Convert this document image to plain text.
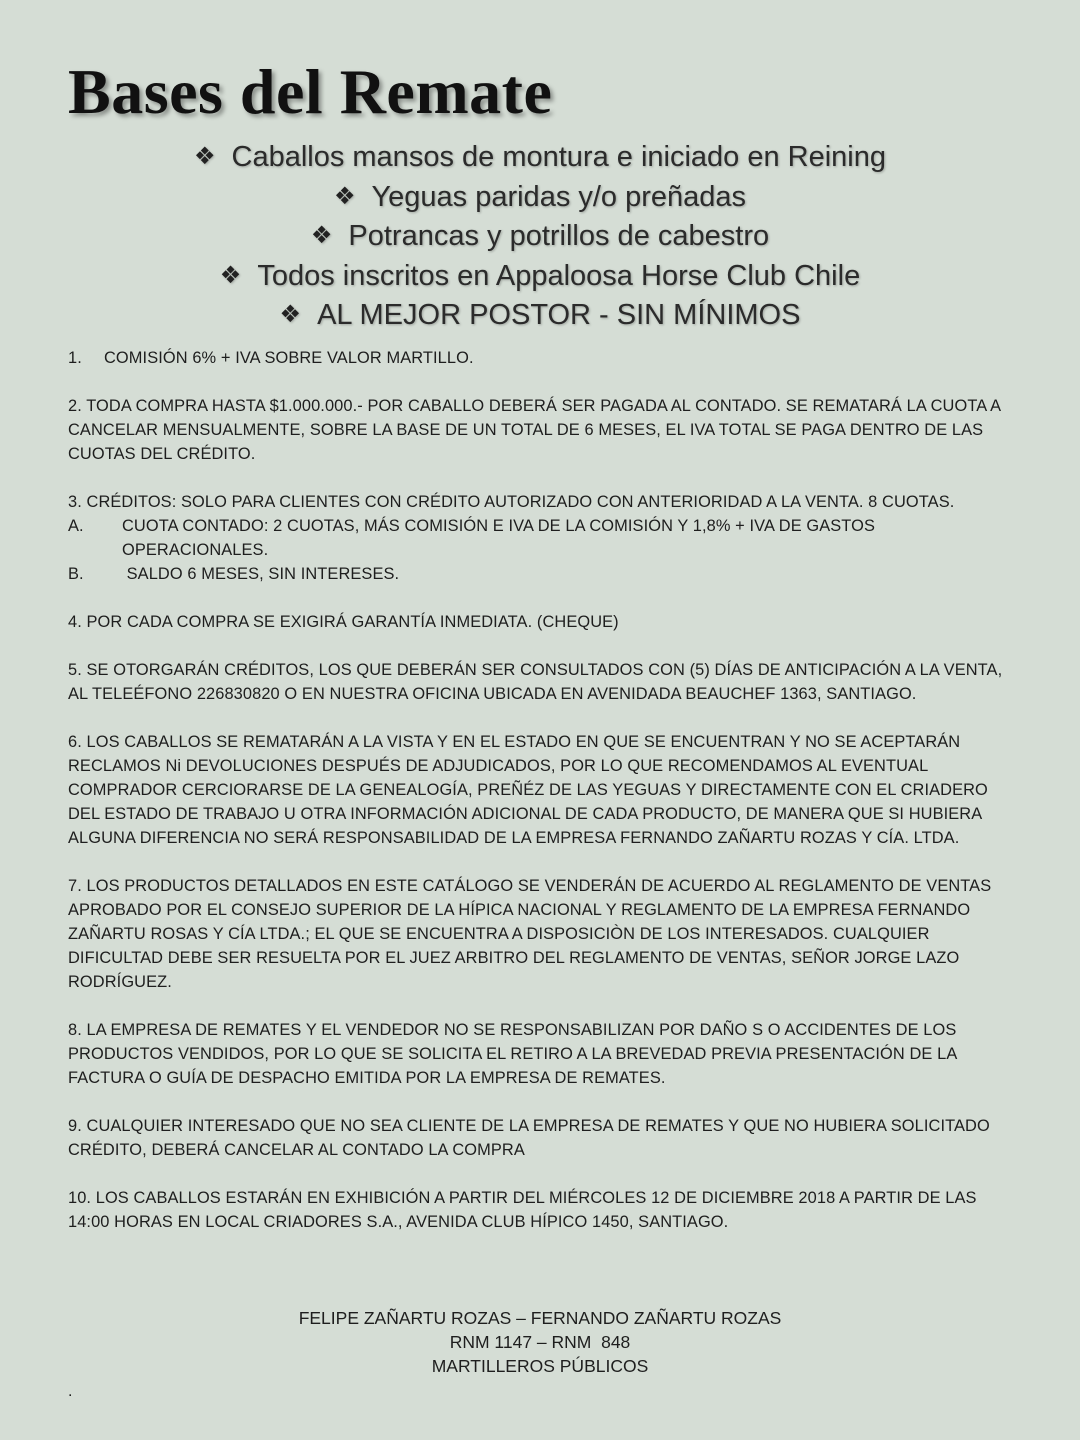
Bases del Remate
❖ Caballos mansos de montura e iniciado en Reining
❖ Yeguas paridas y/o preñadas
❖ Potrancas y potrillos de cabestro
❖ Todos inscritos en Appaloosa Horse Club Chile
❖ AL MEJOR POSTOR - SIN MÍNIMOS

1. COMISIÓN 6% + IVA SOBRE VALOR MARTILLO.

2. TODA COMPRA HASTA $1.000.000.- POR CABALLO DEBERÁ SER PAGADA AL CONTADO. SE REMATARÁ LA CUOTA A CANCELAR MENSUALMENTE, SOBRE LA BASE DE UN TOTAL DE 6 MESES, EL IVA TOTAL SE PAGA DENTRO DE LAS CUOTAS DEL CRÉDITO.

3. CRÉDITOS: SOLO PARA CLIENTES CON CRÉDITO AUTORIZADO CON ANTERIORIDAD A LA VENTA. 8 CUOTAS.

A.	CUOTA CONTADO: 2 CUOTAS, MÁS COMISIÓN E IVA DE LA COMISIÓN Y 1,8% + IVA DE GASTOS OPERACIONALES.
B.	SALDO 6 MESES, SIN INTERESES.

4. POR CADA COMPRA SE EXIGIRÁ GARANTÍA INMEDIATA. (CHEQUE)

5. SE OTORGARÁN CRÉDITOS, LOS QUE DEBERÁN SER CONSULTADOS CON (5) DÍAS DE ANTICIPACIÓN A LA VENTA, AL TELEÉFONO 226830820 O EN NUESTRA OFICINA UBICADA EN AVENIDADA BEAUCHEF 1363, SANTIAGO.

6. LOS CABALLOS SE REMATARÁN A LA VISTA Y EN EL ESTADO EN QUE SE ENCUENTRAN Y NO SE ACEPTARÁN RECLAMOS Ni DEVOLUCIONES DESPUÉS DE ADJUDICADOS, POR LO QUE RECOMENDAMOS AL EVENTUAL COMPRADOR CERCIORARSE DE LA GENEALOGÍA, PREÑÉZ DE LAS YEGUAS Y DIRECTAMENTE CON EL CRIADERO DEL ESTADO DE TRABAJO U OTRA INFORMACIÓN ADICIONAL DE CADA PRODUCTO, DE MANERA QUE SI HUBIERA ALGUNA DIFERENCIA NO SERÁ RESPONSABILIDAD DE LA EMPRESA FERNANDO ZAÑARTU ROZAS Y CÍA. LTDA.

7. LOS PRODUCTOS DETALLADOS EN ESTE CATÁLOGO SE VENDERÁN DE ACUERDO AL REGLAMENTO DE VENTAS APROBADO POR EL CONSEJO SUPERIOR DE LA HÍPICA NACIONAL Y REGLAMENTO DE LA EMPRESA FERNANDO ZAÑARTU ROSAS Y CÍA LTDA.; EL QUE SE ENCUENTRA A DISPOSICIÒN DE LOS INTERESADOS. CUALQUIER DIFICULTAD DEBE SER RESUELTA POR EL JUEZ ARBITRO DEL REGLAMENTO DE VENTAS, SEÑOR JORGE LAZO RODRÍGUEZ.

8. LA EMPRESA DE REMATES Y EL VENDEDOR NO SE RESPONSABILIZAN POR DAÑO S O ACCIDENTES DE LOS PRODUCTOS VENDIDOS, POR LO QUE SE SOLICITA EL RETIRO A LA BREVEDAD PREVIA PRESENTACIÓN DE LA FACTURA O GUÍA DE DESPACHO EMITIDA POR LA EMPRESA DE REMATES.

9. CUALQUIER INTERESADO QUE NO SEA CLIENTE DE LA EMPRESA DE REMATES Y QUE NO HUBIERA SOLICITADO CRÉDITO, DEBERÁ CANCELAR AL CONTADO LA COMPRA

10. LOS CABALLOS ESTARÁN EN EXHIBICIÓN A PARTIR DEL MIÉRCOLES 12 DE DICIEMBRE 2018 A PARTIR DE LAS 14:00 HORAS EN LOCAL CRIADORES S.A., AVENIDA CLUB HÍPICO 1450, SANTIAGO.

FELIPE ZAÑARTU ROZAS – FERNANDO ZAÑARTU ROZAS
RNM 1147 – RNM  848
MARTILLEROS PÚBLICOS
.
